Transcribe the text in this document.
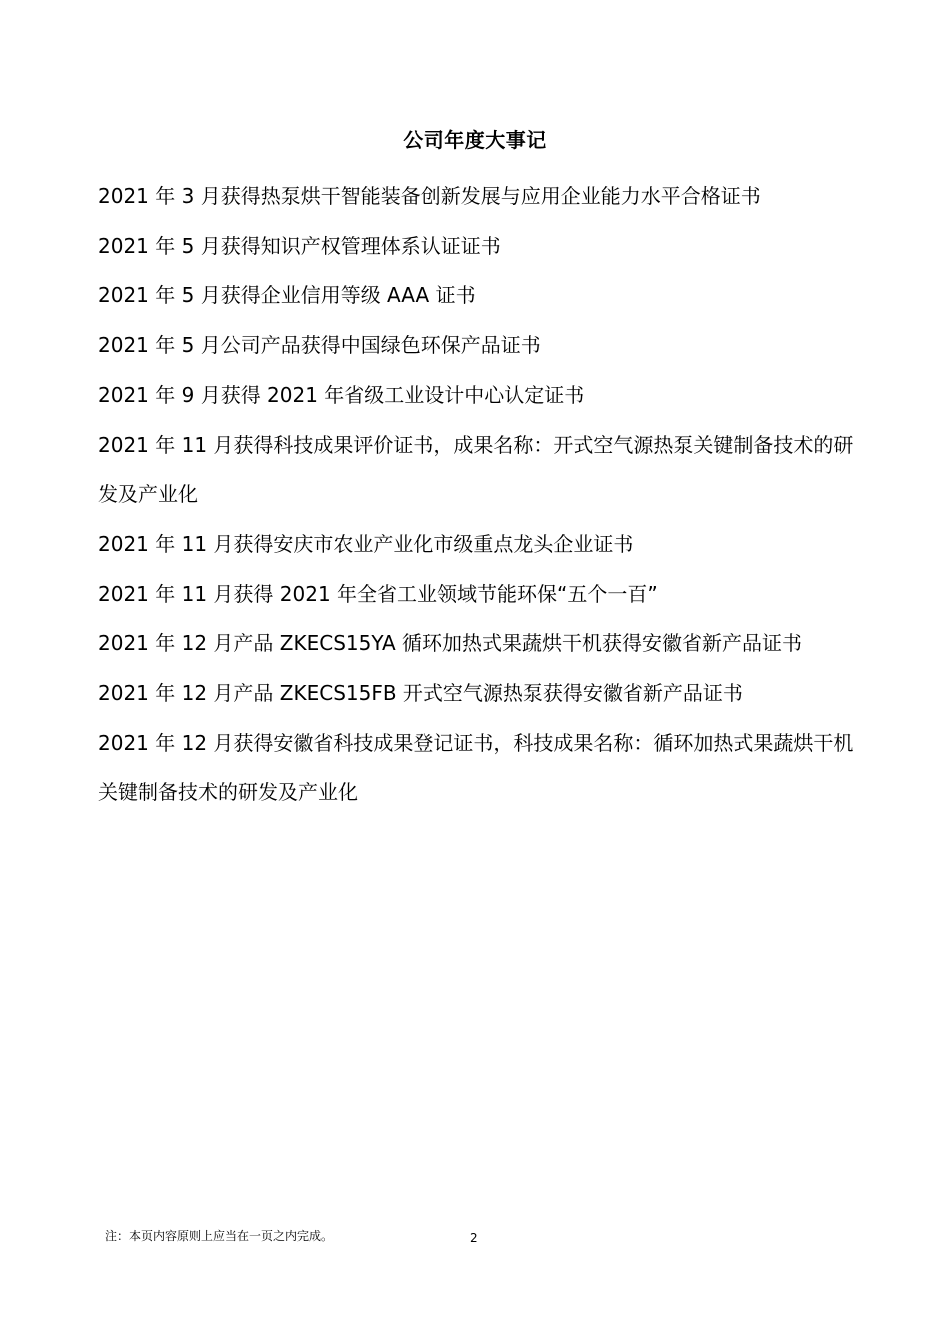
公司年度大事记
2021 年 3 月获得热泵烘干智能装备创新发展与应用企业能力水平合格证书
2021 年 5 月获得知识产权管理体系认证证书
2021 年 5 月获得企业信用等级 AAA 证书
2021 年 5 月公司产品获得中国绿色环保产品证书
2021 年 9 月获得 2021 年省级工业设计中心认定证书
2021 年 11 月获得科技成果评价证书，成果名称：开式空气源热泵关键制备技术的研发及产业化
2021 年 11 月获得安庆市农业产业化市级重点龙头企业证书
2021 年 11 月获得 2021 年全省工业领域节能环保“五个一百”
2021 年 12 月产品 ZKECS15YA 循环加热式果蔬烘干机获得安徽省新产品证书
2021 年 12 月产品 ZKECS15FB 开式空气源热泵获得安徽省新产品证书
2021 年 12 月获得安徽省科技成果登记证书，科技成果名称：循环加热式果蔬烘干机关键制备技术的研发及产业化
注：本页内容原则上应当在一页之内完成。	2
